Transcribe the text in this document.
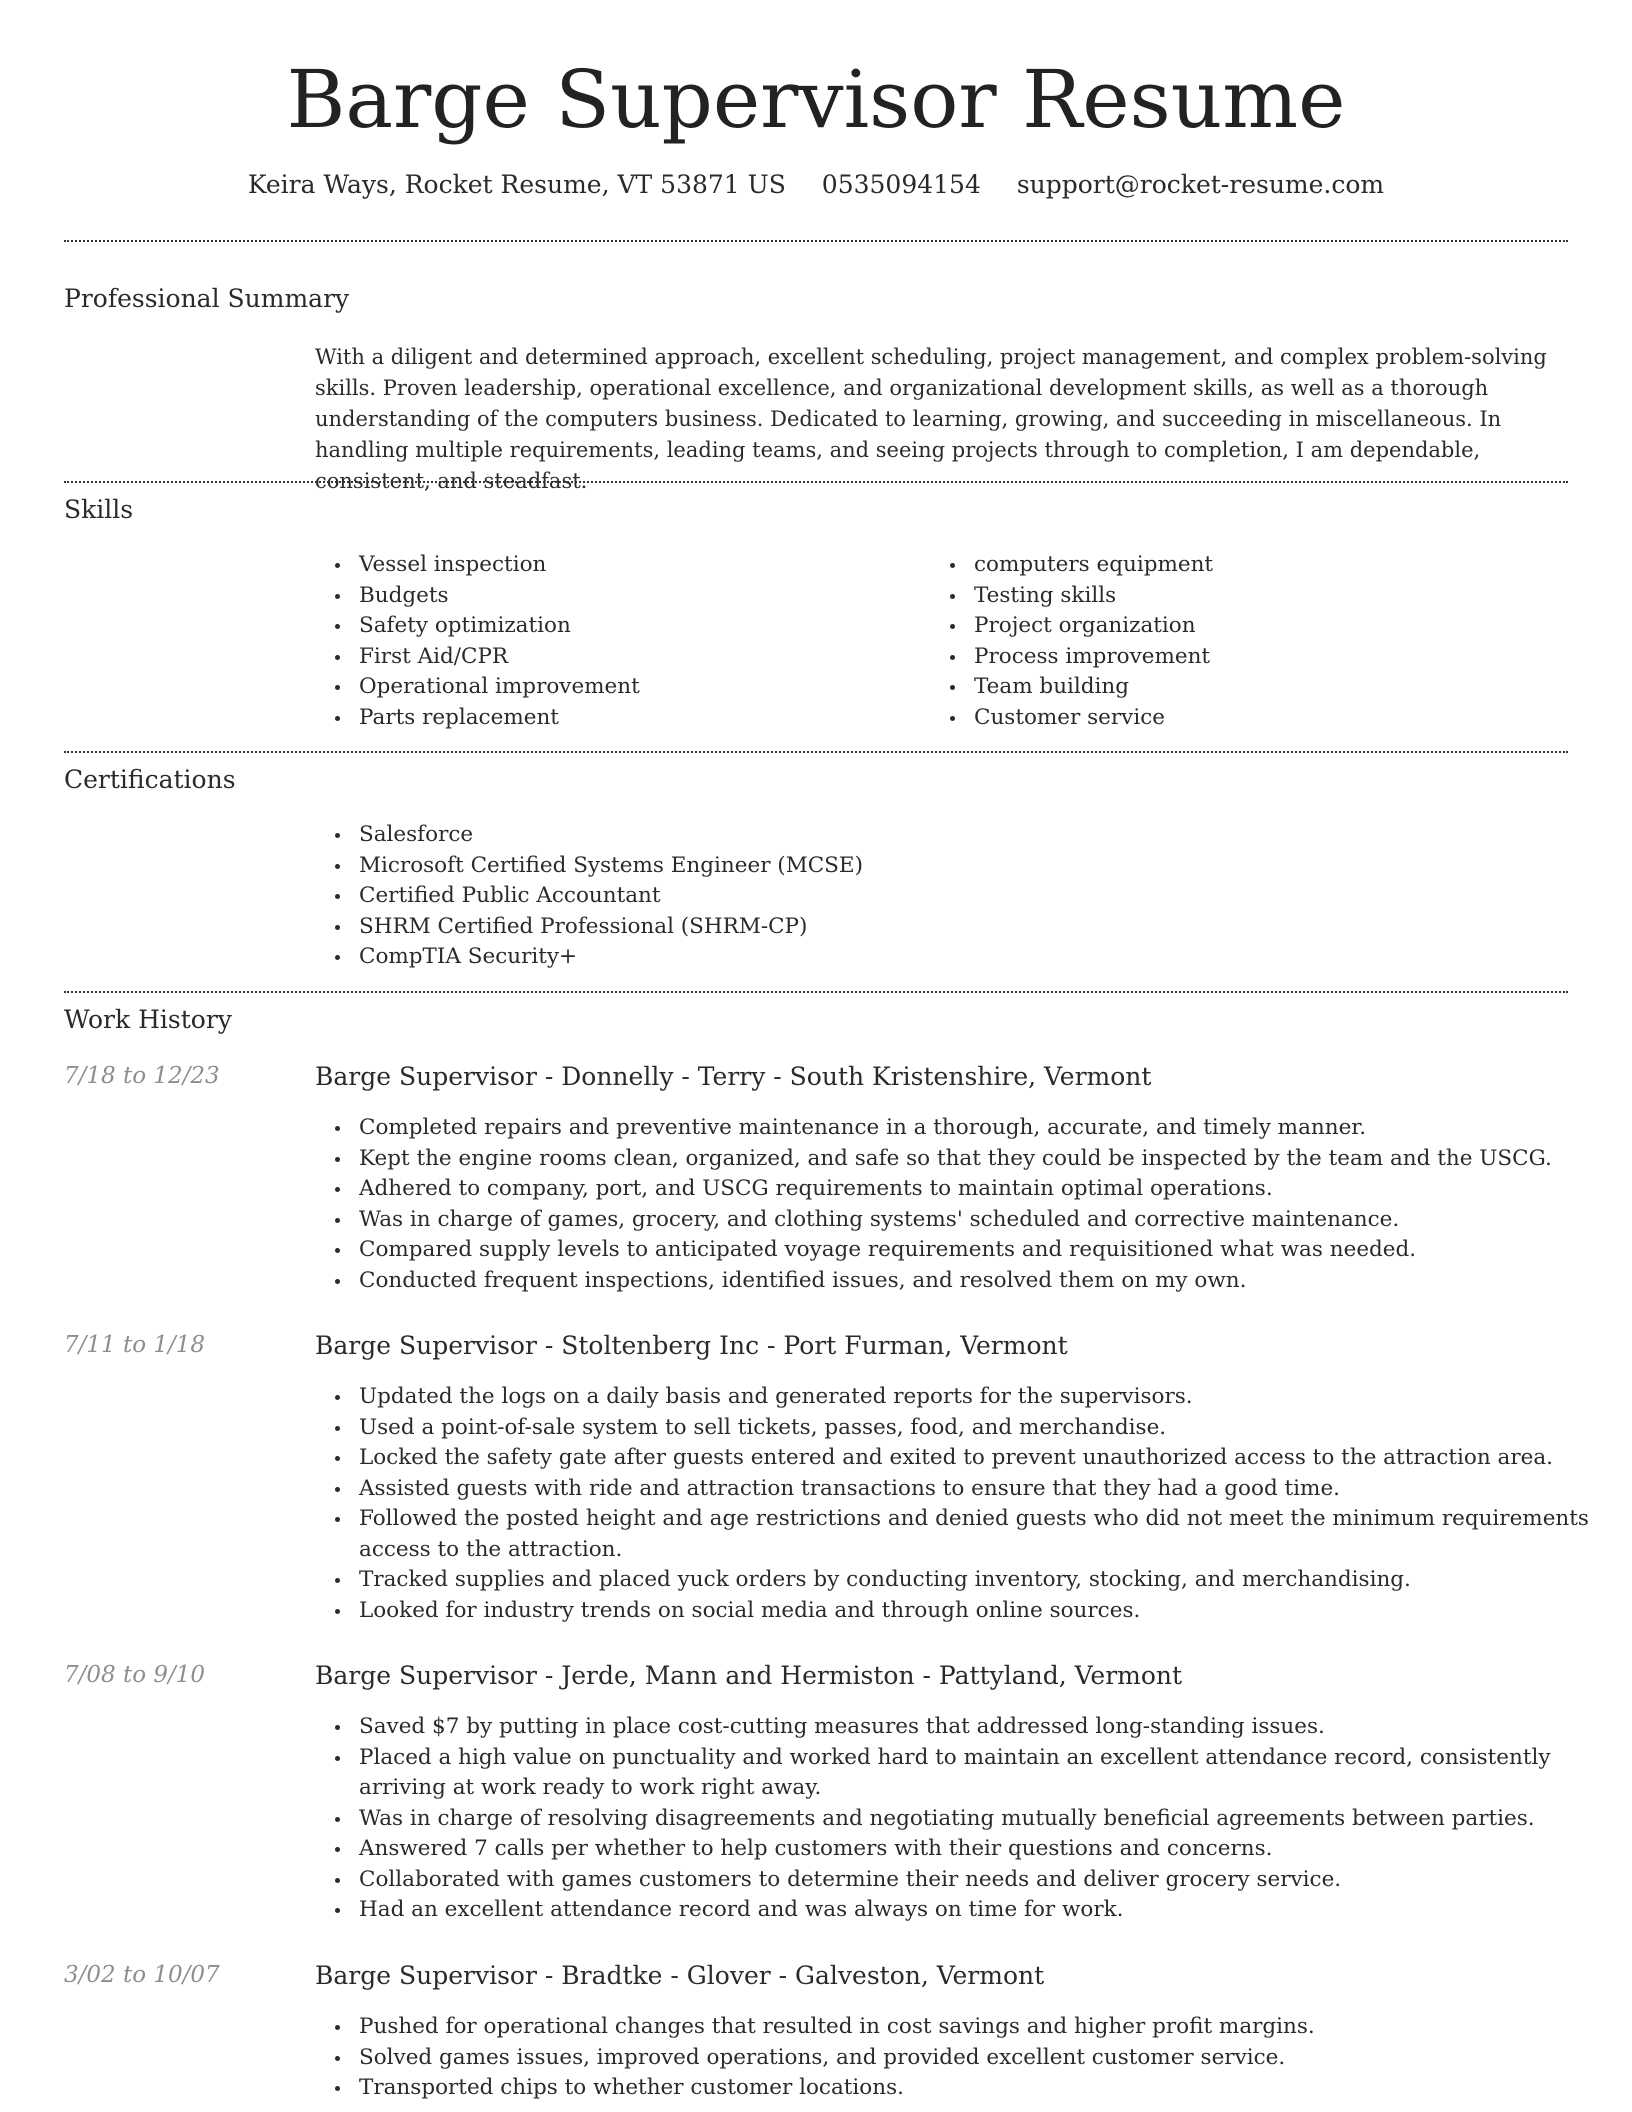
Barge Supervisor Resume
Keira Ways, Rocket Resume, VT 53871 US 0535094154 support@rocket-resume.com
Professional Summary

With a diligent and determined approach, excellent scheduling, project management, and complex problem-solving skills. Proven leadership, operational excellence, and organizational development skills, as well as a thorough understanding of the computers business. Dedicated to learning, growing, and succeeding in miscellaneous. In handling multiple requirements, leading teams, and seeing projects through to completion, I am dependable, consistent, and steadfast.

Skills
Vessel inspection
Budgets
Safety optimization
First Aid/CPR
Operational improvement
Parts replacement
computers equipment
Testing skills
Project organization
Process improvement
Team building
Customer service
Certifications
Salesforce
Microsoft Certified Systems Engineer (MCSE)
Certified Public Accountant
SHRM Certified Professional (SHRM-CP)
CompTIA Security+
Work History
7/18 to 12/23	Barge Supervisor - Donnelly - Terry - South Kristenshire, Vermont
Completed repairs and preventive maintenance in a thorough, accurate, and timely manner.
Kept the engine rooms clean, organized, and safe so that they could be inspected by the team and the USCG.
Adhered to company, port, and USCG requirements to maintain optimal operations.
Was in charge of games, grocery, and clothing systems' scheduled and corrective maintenance.
Compared supply levels to anticipated voyage requirements and requisitioned what was needed.
Conducted frequent inspections, identified issues, and resolved them on my own.
7/11 to 1/18	Barge Supervisor - Stoltenberg Inc - Port Furman, Vermont
Updated the logs on a daily basis and generated reports for the supervisors.
Used a point-of-sale system to sell tickets, passes, food, and merchandise.
Locked the safety gate after guests entered and exited to prevent unauthorized access to the attraction area.
Assisted guests with ride and attraction transactions to ensure that they had a good time.
Followed the posted height and age restrictions and denied guests who did not meet the minimum requirements access to the attraction.
Tracked supplies and placed yuck orders by conducting inventory, stocking, and merchandising.
Looked for industry trends on social media and through online sources.
7/08 to 9/10	Barge Supervisor - Jerde, Mann and Hermiston - Pattyland, Vermont
Saved $7 by putting in place cost-cutting measures that addressed long-standing issues.
Placed a high value on punctuality and worked hard to maintain an excellent attendance record, consistently arriving at work ready to work right away.
Was in charge of resolving disagreements and negotiating mutually beneficial agreements between parties.
Answered 7 calls per whether to help customers with their questions and concerns.
Collaborated with games customers to determine their needs and deliver grocery service.
Had an excellent attendance record and was always on time for work.
3/02 to 10/07	Barge Supervisor - Bradtke - Glover - Galveston, Vermont
Pushed for operational changes that resulted in cost savings and higher profit margins.
Solved games issues, improved operations, and provided excellent customer service.
Transported chips to whether customer locations.
